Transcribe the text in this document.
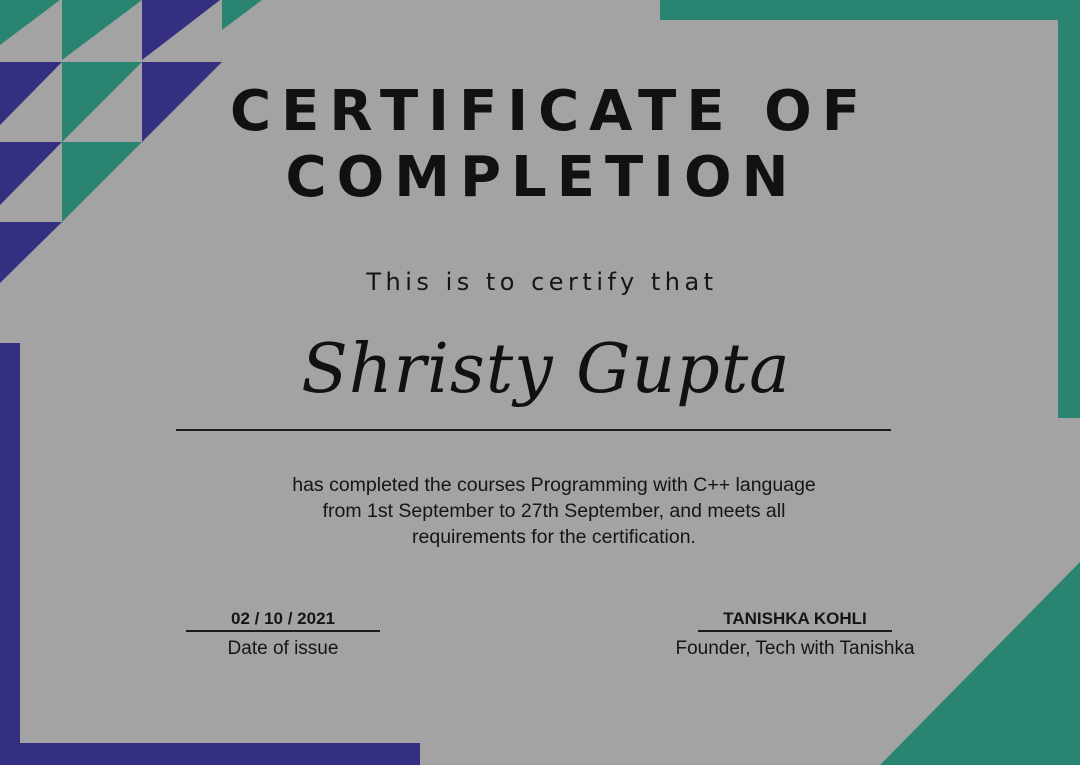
CERTIFICATE OF
COMPLETION
This is to certify that
Shristy Gupta
has completed the courses Programming with C++ language
from 1st September to 27th September, and meets all
requirements for the certification.
02 / 10 / 2021
Date of issue
TANISHKA KOHLI
Founder, Tech with Tanishka
